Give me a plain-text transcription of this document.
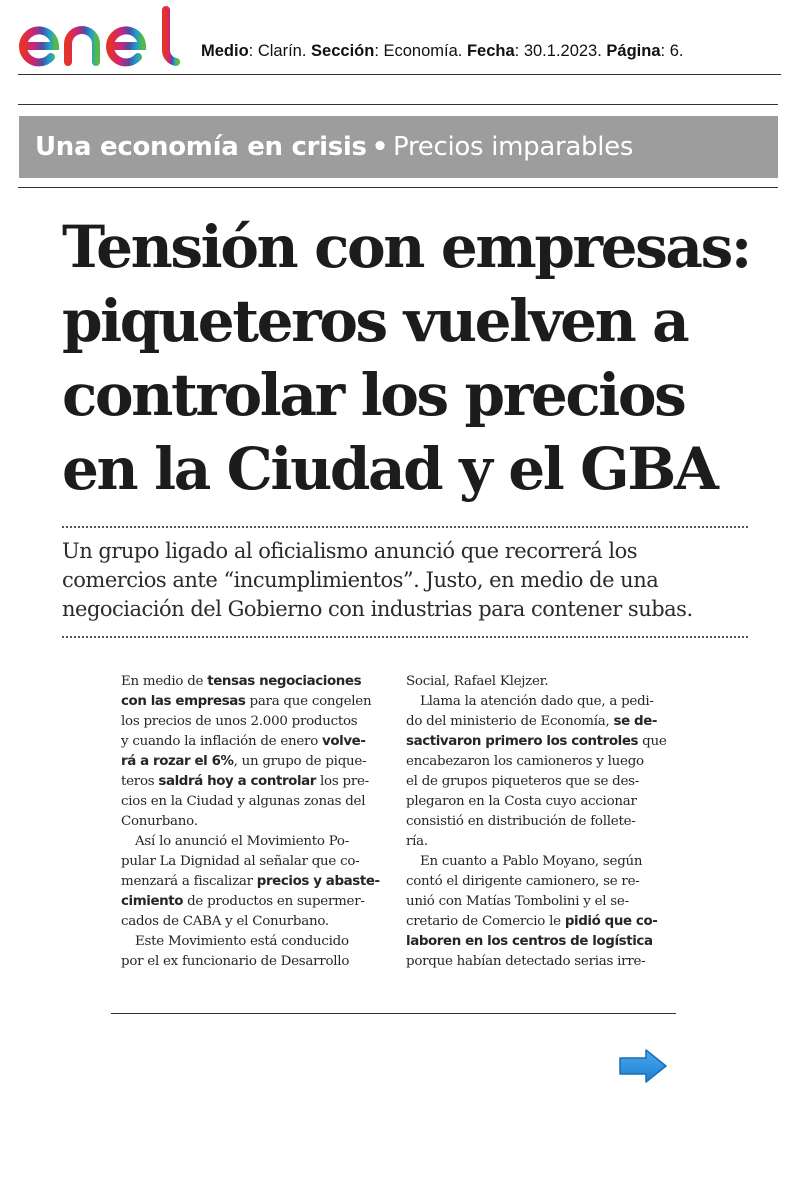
Medio: Clarín. Sección: Economía. Fecha: 30.1.2023. Página: 6.
Una economía en crisis • Precios imparables
Tensión con empresas:
piqueteros vuelven a
controlar los precios
en la Ciudad y el GBA
Un grupo ligado al oficialismo anunció que recorrerá los
comercios ante “incumplimientos”. Justo, en medio de una
negociación del Gobierno con industrias para contener subas.
En medio de tensas negociaciones
con las empresas para que congelen
los precios de unos 2.000 productos
y cuando la inflación de enero volve-
rá a rozar el 6%, un grupo de pique-
teros saldrá hoy a controlar los pre-
cios en la Ciudad y algunas zonas del
Conurbano.
Así lo anunció el Movimiento Po-
pular La Dignidad al señalar que co-
menzará a fiscalizar precios y abaste-
cimiento de productos en supermer-
cados de CABA y el Conurbano.
Este Movimiento está conducido
por el ex funcionario de Desarrollo
Social, Rafael Klejzer.
Llama la atención dado que, a pedi-
do del ministerio de Economía, se de-
sactivaron primero los controles que
encabezaron los camioneros y luego
el de grupos piqueteros que se des-
plegaron en la Costa cuyo accionar
consistió en distribución de follete-
ría.
En cuanto a Pablo Moyano, según
contó el dirigente camionero, se re-
unió con Matías Tombolini y el se-
cretario de Comercio le pidió que co-
laboren en los centros de logística
porque habían detectado serias irre-
